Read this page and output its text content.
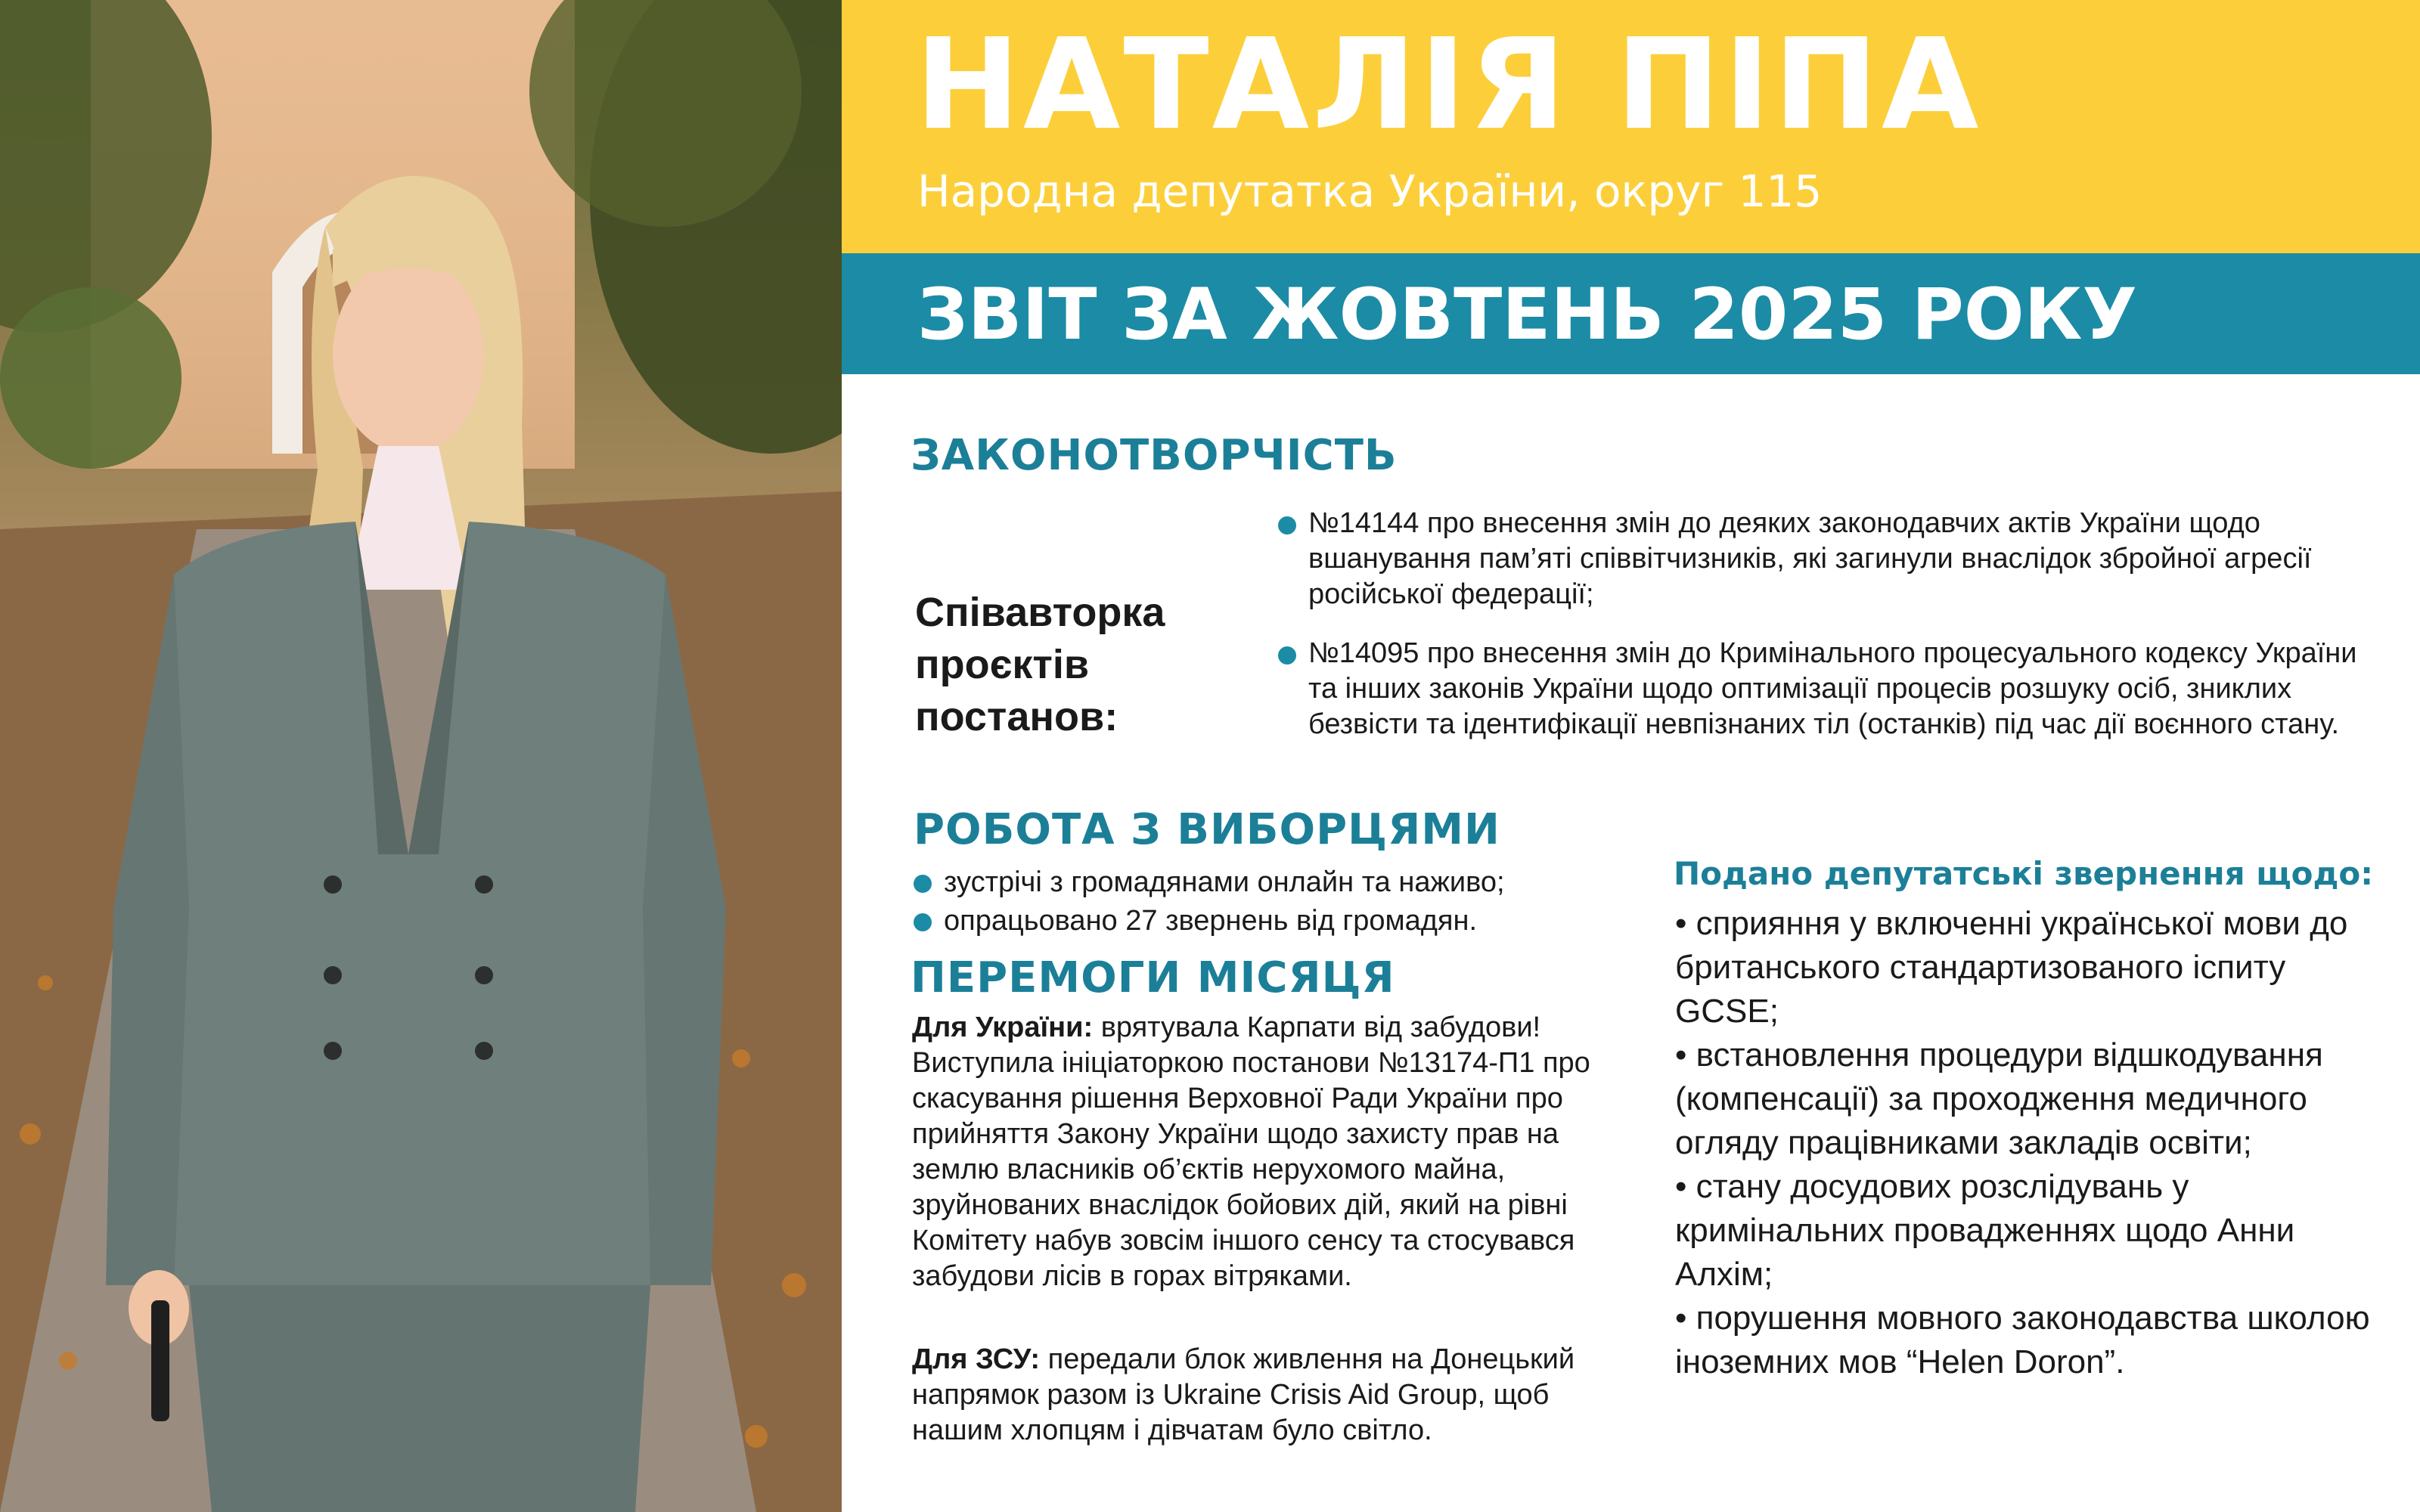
НАТАЛІЯ ПІПА
Народна депутатка України, округ 115
ЗВІТ ЗА ЖОВТЕНЬ 2025 РОКУ
ЗАКОНОТВОРЧІСТЬ
Співавторка проєктів постанов:
№14144 про внесення змін до деяких законодавчих актів України щодо вшанування пам’яті співвітчизників, які загинули внаслідок збройної агресії російської федерації;
№14095 про внесення змін до Кримінального процесуального кодексу України та інших законів України щодо оптимізації процесів розшуку осіб, зниклих безвісти та ідентифікації невпізнаних тіл (останків) під час дії воєнного стану.
РОБОТА З ВИБОРЦЯМИ
зустрічі з громадянами онлайн та наживо;
опрацьовано 27 звернень від громадян.
ПЕРЕМОГИ МІСЯЦЯ
Для України: врятувала Карпати від забудови! Виступила ініціаторкою постанови №13174-П1 про скасування рішення Верховної Ради України про прийняття Закону України щодо захисту прав на землю власників об’єктів нерухомого майна, зруйнованих внаслідок бойових дій, який на рівні Комітету набув зовсім іншого сенсу та стосувався забудови лісів в горах вітряками.
Для ЗСУ: передали блок живлення на Донецький напрямок разом із Ukraine Crisis Aid Group, щоб нашим хлопцям і дівчатам було світло.
Подано депутатські звернення щодо:
• сприяння у включенні української мови до британського стандартизованого іспиту GCSE;
• встановлення процедури відшкодування (компенсації) за проходження медичного огляду працівниками закладів освіти;
• стану досудових розслідувань у кримінальних провадженнях щодо Анни Алхім;
• порушення мовного законодавства школою іноземних мов “Helen Doron”.
